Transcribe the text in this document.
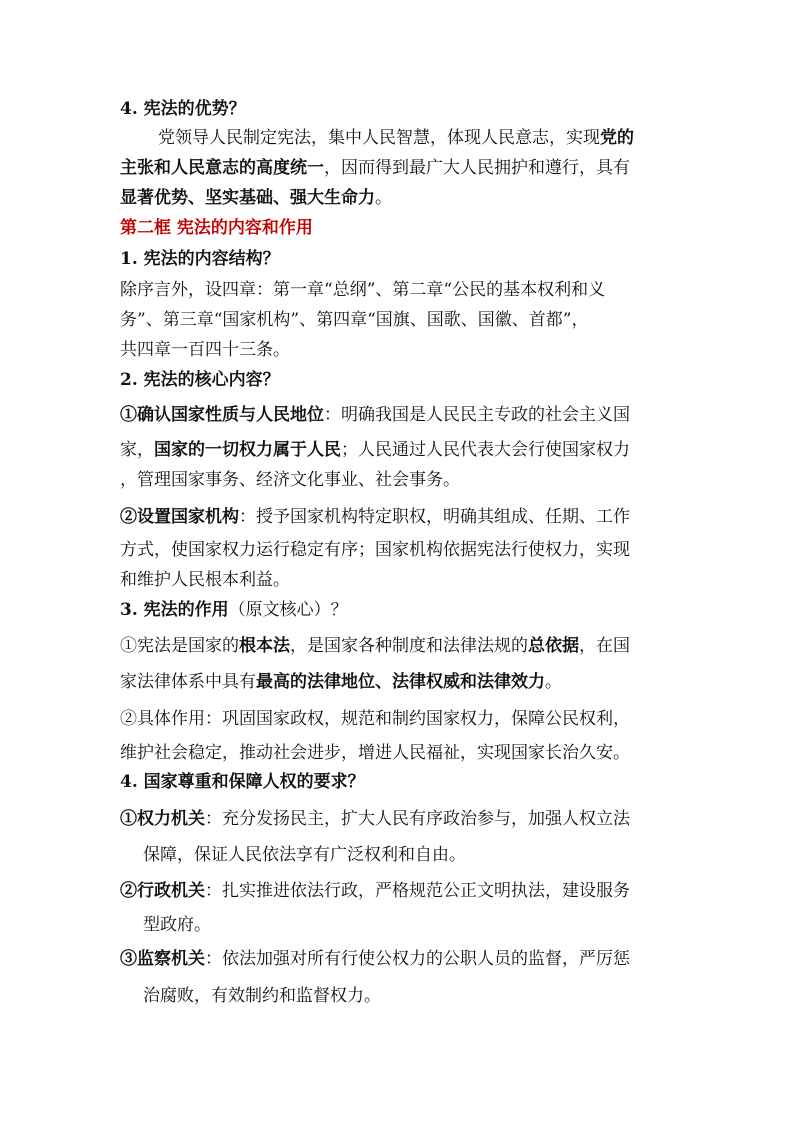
4. 宪法的优势？
党领导人民制定宪法，集中人民智慧，体现人民意志，实现党的
主张和人民意志的高度统一，因而得到最广大人民拥护和遵行，具有
显著优势、坚实基础、强大生命力。
第二框 宪法的内容和作用
1. 宪法的内容结构？
除序言外，设四章：第一章“总纲”、第二章“公民的基本权利和义
务”、第三章“国家机构”、第四章“国旗、国歌、国徽、首都”，
共四章一百四十三条。
2. 宪法的核心内容？
①确认国家性质与人民地位：明确我国是人民民主专政的社会主义国
家，国家的一切权力属于人民；人民通过人民代表大会行使国家权力
，管理国家事务、经济文化事业、社会事务。
②设置国家机构：授予国家机构特定职权，明确其组成、任期、工作
方式，使国家权力运行稳定有序；国家机构依据宪法行使权力，实现
和维护人民根本利益。
3. 宪法的作用（原文核心）？
①宪法是国家的根本法，是国家各种制度和法律法规的总依据，在国
家法律体系中具有最高的法律地位、法律权威和法律效力。
②具体作用：巩固国家政权，规范和制约国家权力，保障公民权利，
维护社会稳定，推动社会进步，增进人民福祉，实现国家长治久安。
4. 国家尊重和保障人权的要求？
①权力机关：充分发扬民主，扩大人民有序政治参与，加强人权立法
保障，保证人民依法享有广泛权利和自由。
②行政机关：扎实推进依法行政，严格规范公正文明执法，建设服务
型政府。
③监察机关：依法加强对所有行使公权力的公职人员的监督，严厉惩
治腐败，有效制约和监督权力。
